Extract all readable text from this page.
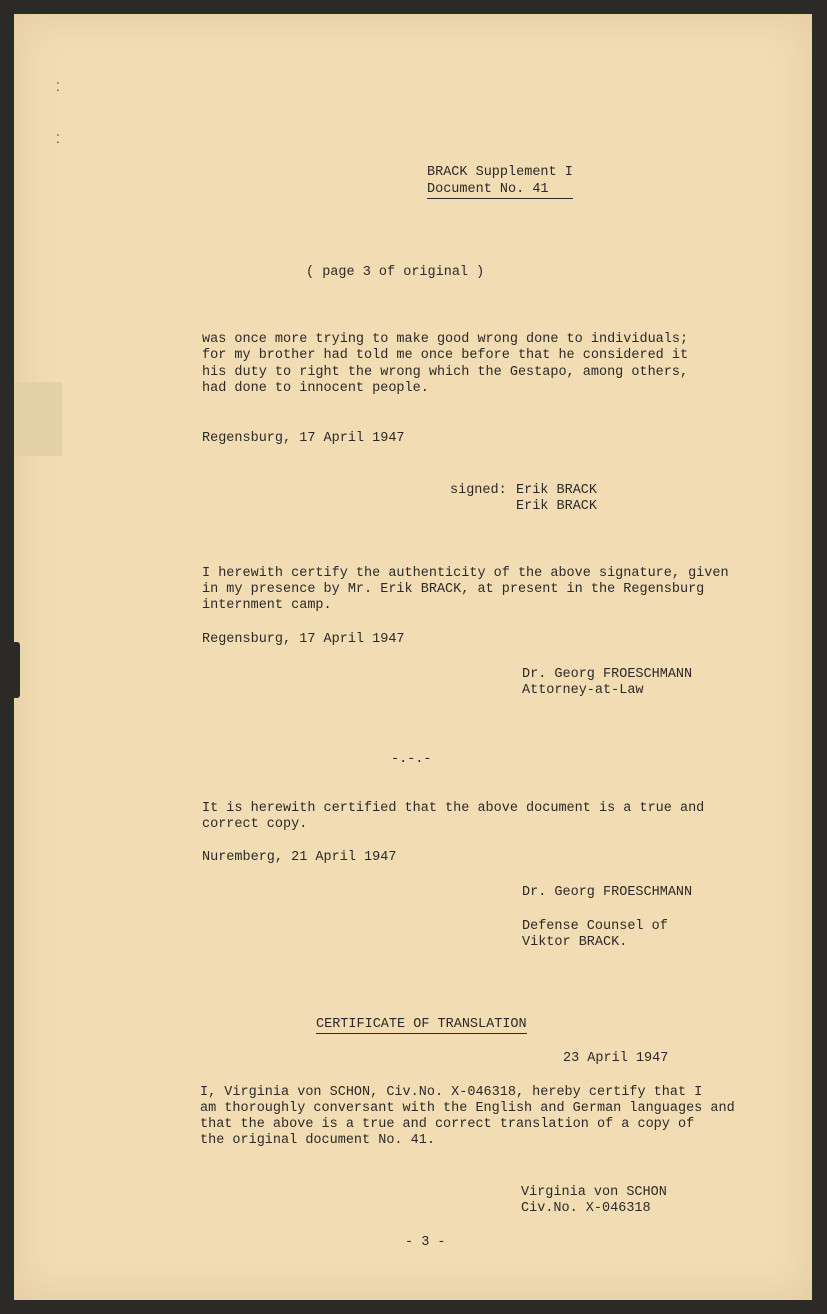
⁚
⁚

BRACK Supplement I

Document No. 41

( page 3 of original )

was once more trying to make good wrong done to individuals;

for my brother had told me once before that he considered it

his duty to right the wrong which the Gestapo, among others,

had done to innocent people.

Regensburg, 17 April 1947

signed: Erik BRACK

Erik BRACK

I herewith certify the authenticity of the above signature, given

in my presence by Mr. Erik BRACK, at present in the Regensburg

internment camp.

Regensburg, 17 April 1947

Dr. Georg FROESCHMANN

Attorney-at-Law

-.-.-

It is herewith certified that the above document is a true and

correct copy.

Nuremberg, 21 April 1947

Dr. Georg FROESCHMANN

Defense Counsel of

Viktor BRACK.

CERTIFICATE OF TRANSLATION

23 April 1947

I, Virginia von SCHON, Civ.No. X-046318, hereby certify that I

am thoroughly conversant with the English and German languages and

that the above is a true and correct translation of a copy of

the original document No. 41.

Virginia von SCHON

Civ.No. X-046318

- 3 -
